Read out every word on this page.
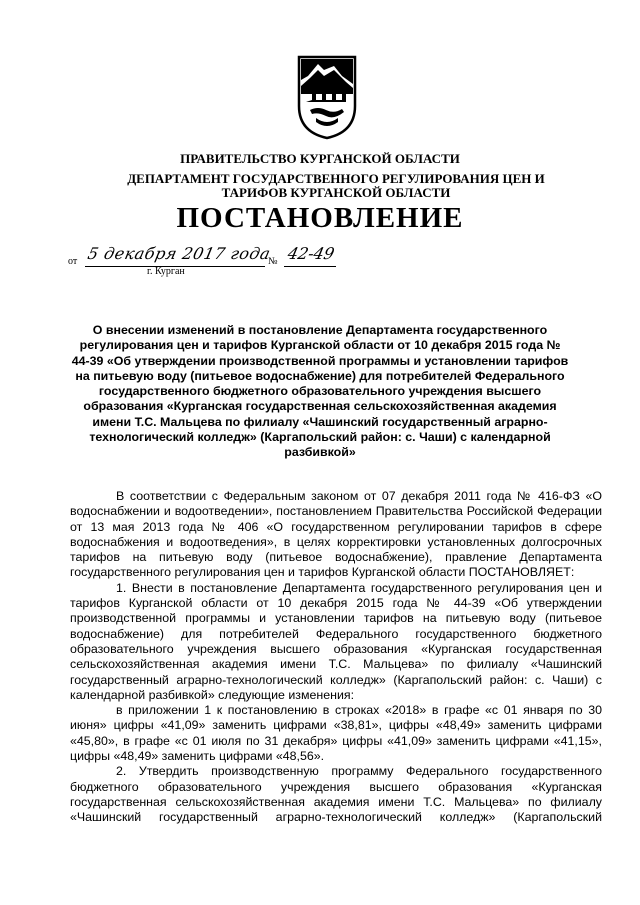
ПРАВИТЕЛЬСТВО КУРГАНСКОЙ ОБЛАСТИ
ДЕПАРТАМЕНТ ГОСУДАРСТВЕННОГО РЕГУЛИРОВАНИЯ ЦЕН И ТАРИФОВ КУРГАНСКОЙ ОБЛАСТИ
ПОСТАНОВЛЕНИЕ
от 5 декабря 2017 года
№ 42-49
г. Курган
О внесении изменений в постановление Департамента государственного регулирования цен и тарифов Курганской области от 10 декабря 2015 года № 44-39 «Об утверждении производственной программы и установлении тарифов на питьевую воду (питьевое водоснабжение) для потребителей Федерального государственного бюджетного образовательного учреждения высшего образования «Курганская государственная сельскохозяйственная академия имени Т.С. Мальцева по филиалу «Чашинский государственный аграрно-технологический колледж» (Каргапольский район: с. Чаши) с календарной разбивкой»

В соответствии с Федеральным законом от 07 декабря 2011 года № 416-ФЗ «О водоснабжении и водоотведении», постановлением Правительства Российской Федерации от 13 мая 2013 года № 406 «О государственном регулировании тарифов в сфере водоснабжения и водоотведения», в целях корректировки установленных долгосрочных тарифов на питьевую воду (питьевое водоснабжение), правление Департамента государственного регулирования цен и тарифов Курганской области ПОСТАНОВЛЯЕТ:

1. Внести в постановление Департамента государственного регулирования цен и тарифов Курганской области от 10 декабря 2015 года № 44-39 «Об утверждении производственной программы и установлении тарифов на питьевую воду (питьевое водоснабжение) для потребителей Федерального государственного бюджетного образовательного учреждения высшего образования «Курганская государственная сельскохозяйственная академия имени Т.С. Мальцева» по филиалу «Чашинский государственный аграрно-технологический колледж» (Каргапольский район: с. Чаши) с календарной разбивкой» следующие изменения:

в приложении 1 к постановлению в строках «2018» в графе «с 01 января по 30 июня» цифры «41,09» заменить цифрами «38,81», цифры «48,49» заменить цифрами «45,80», в графе «с 01 июля по 31 декабря» цифры «41,09» заменить цифрами «41,15», цифры «48,49» заменить цифрами «48,56».

2. Утвердить производственную программу Федерального государственного бюджетного образовательного учреждения высшего образования «Курганская государственная сельскохозяйственная академия имени Т.С. Мальцева» по филиалу «Чашинский государственный аграрно-технологический колледж» (Каргапольский
